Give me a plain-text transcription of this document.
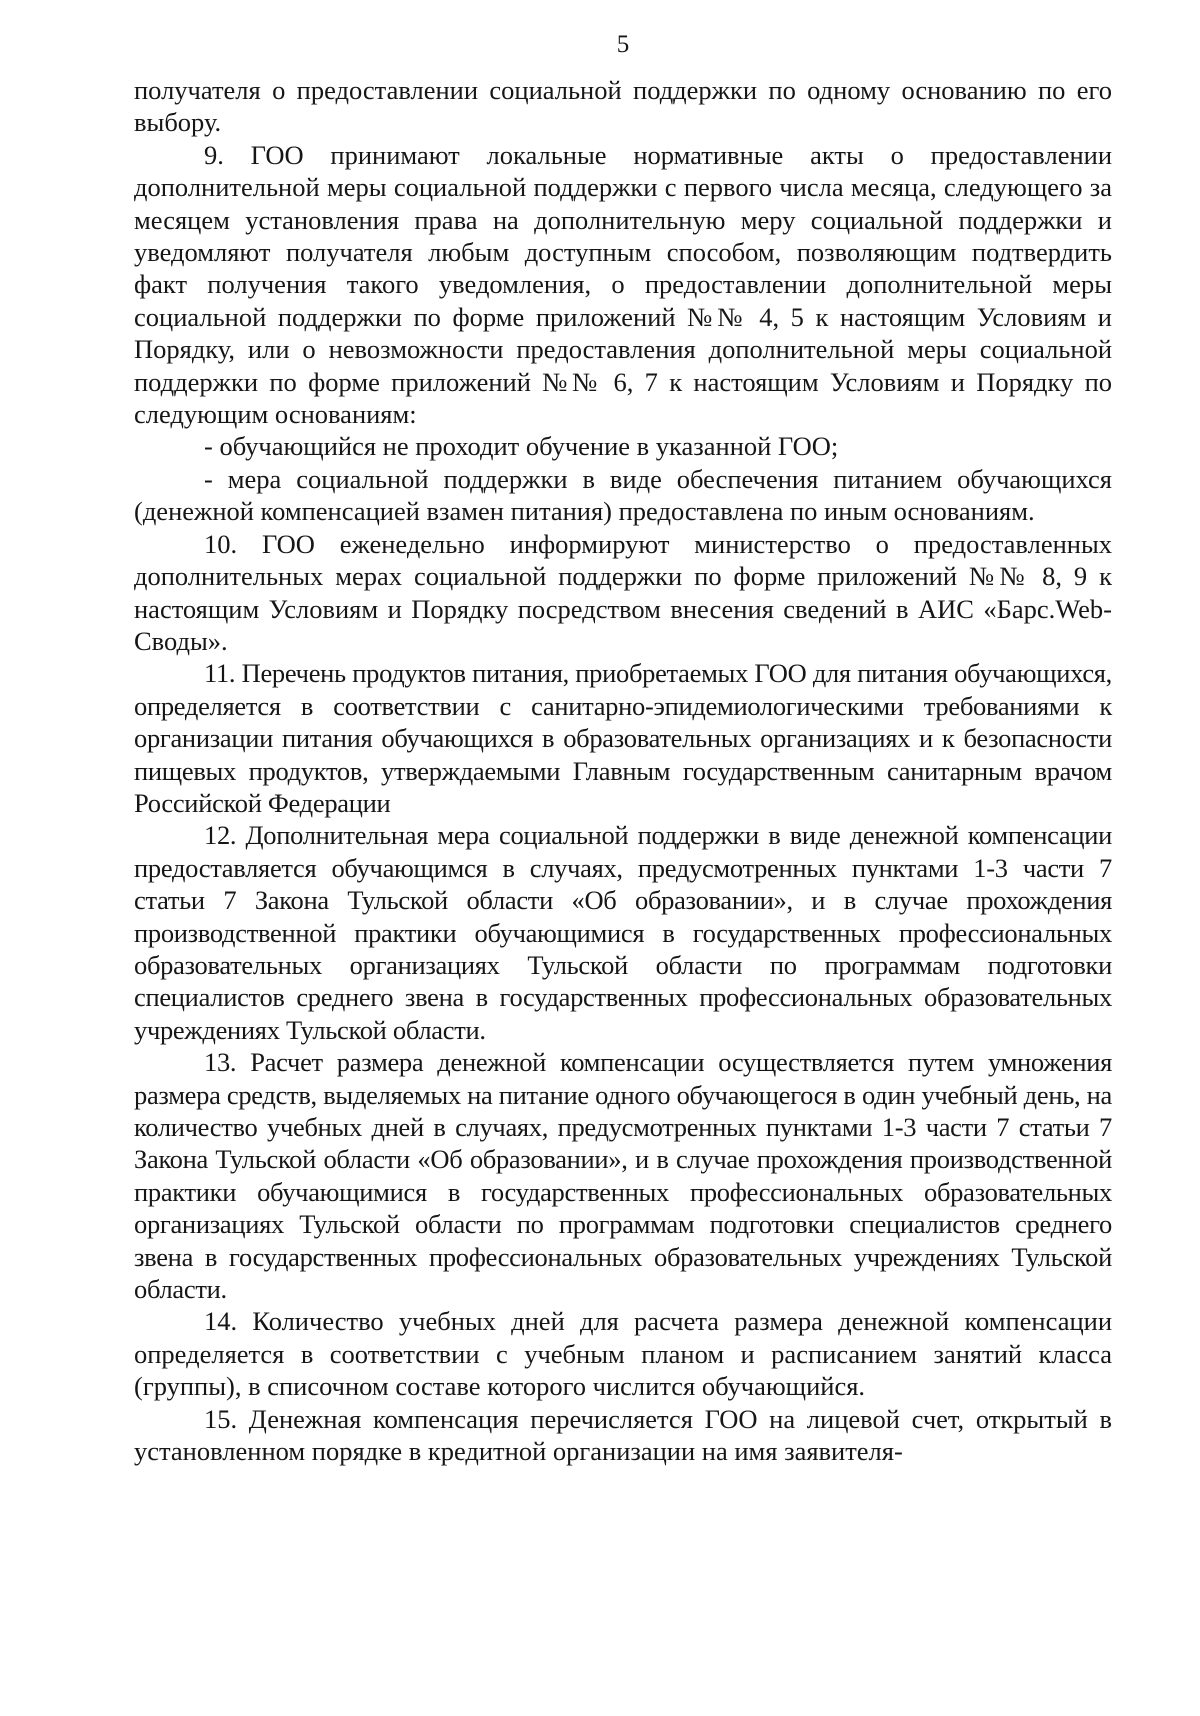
5

получателя о предоставлении социальной поддержки по одному основанию по его выбору.

9. ГОО принимают локальные нормативные акты о предоставлении дополнительной меры социальной поддержки с первого числа месяца, следующего за месяцем установления права на дополнительную меру социальной поддержки и уведомляют получателя любым доступным способом, позволяющим подтвердить факт получения такого уведомления, о предоставлении дополнительной меры социальной поддержки по форме приложений №№ 4, 5 к настоящим Условиям и Порядку, или о невозможности предоставления дополнительной меры социальной поддержки по форме приложений №№ 6, 7 к настоящим Условиям и Порядку по следующим основаниям:

- обучающийся не проходит обучение в указанной ГОО;

- мера социальной поддержки в виде обеспечения питанием обучающихся (денежной компенсацией взамен питания) предоставлена по иным основаниям.

10. ГОО еженедельно информируют министерство о предоставленных дополнительных мерах социальной поддержки по форме приложений №№ 8, 9 к настоящим Условиям и Порядку посредством внесения сведений в АИС «Барс.Web-Своды».

11. Перечень продуктов питания, приобретаемых ГОО для питания обучающихся, определяется в соответствии с санитарно-эпидемиологическими требованиями к организации питания обучающихся в образовательных организациях и к безопасности пищевых продуктов, утверждаемыми Главным государственным санитарным врачом Российской Федерации

12. Дополнительная мера социальной поддержки в виде денежной компенсации предоставляется обучающимся в случаях, предусмотренных пунктами 1-3 части 7 статьи 7 Закона Тульской области «Об образовании», и в случае прохождения производственной практики обучающимися в государственных профессиональных образовательных организациях Тульской области по программам подготовки специалистов среднего звена в государственных профессиональных образовательных учреждениях Тульской области.

13. Расчет размера денежной компенсации осуществляется путем умножения размера средств, выделяемых на питание одного обучающегося в один учебный день, на количество учебных дней в случаях, предусмотренных пунктами 1-3 части 7 статьи 7 Закона Тульской области «Об образовании», и в случае прохождения производственной практики обучающимися в государственных профессиональных образовательных организациях Тульской области по программам подготовки специалистов среднего звена в государственных профессиональных образовательных учреждениях Тульской области.

14. Количество учебных дней для расчета размера денежной компенсации определяется в соответствии с учебным планом и расписанием занятий класса (группы), в списочном составе которого числится обучающийся.

15. Денежная компенсация перечисляется ГОО на лицевой счет, открытый в установленном порядке в кредитной организации на имя заявителя-
